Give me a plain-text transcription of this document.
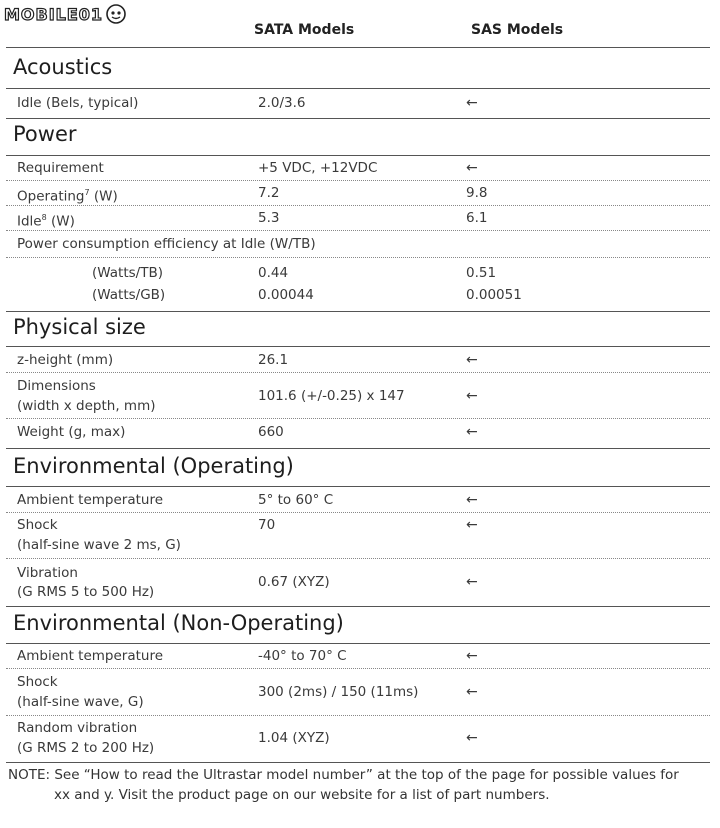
MOBILE01
SATA Models	SAS Models
Acoustics
Idle (Bels, typical)	2.0/3.6	←
Power
Requirement	+5 VDC, +12VDC	←
Operating$^7$ (W)	7.2	9.8
Idle$^8$ (W)	5.3	6.1
Power consumption efficiency at Idle (W/TB)
(Watts/TB)	0.44	0.51
(Watts/GB)	0.00044	0.00051
Physical size
z-height (mm)	26.1	←
Dimensions
(width x depth, mm)
101.6 (+/-0.25) x 147	←
Weight (g, max)	660	←
Environmental (Operating)
Ambient temperature	5° to 60° C	←
Shock
(half-sine wave 2 ms, G)
70	←
Vibration
(G RMS 5 to 500 Hz)
0.67 (XYZ)	←
Environmental (Non-Operating)
Ambient temperature	-40° to 70° C	←
Shock
(half-sine wave, G)
300 (2ms) / 150 (11ms)	←
Random vibration
(G RMS 2 to 200 Hz)
1.04 (XYZ)	←
NOTE: See “How to read the Ultrastar model number” at the top of the page for possible values for
xx and y. Visit the product page on our website for a list of part numbers.
